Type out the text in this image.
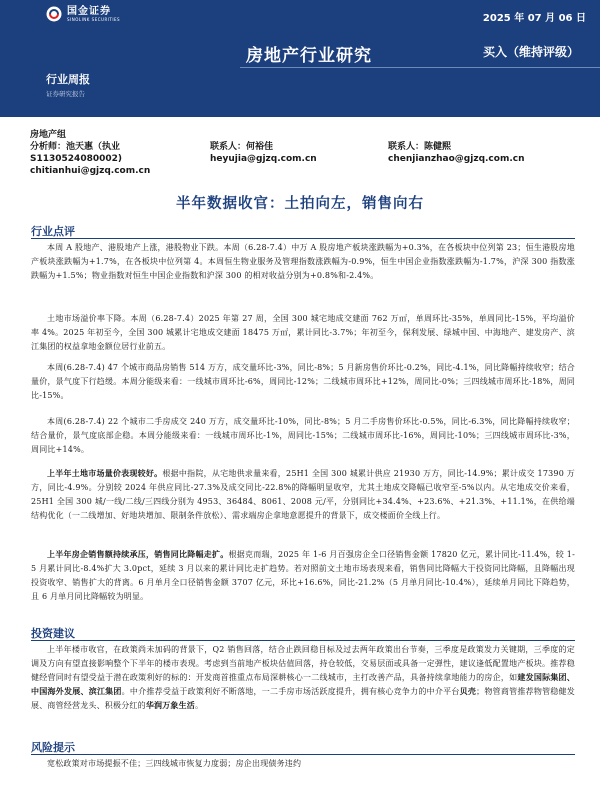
国金证券
SINOLINK SECURITIES	2025 年 07 月 06 日
房地产行业研究	买入（维持评级）
行业周报
证券研究报告
房地产组
分析师：池天惠（执业
S1130524080002)
chitianhui@gjzq.com.cn
联系人：何裕佳
heyujia@gjzq.com.cn
联系人：陈健熙
chenjianzhao@gjzq.com.cn
半年数据收官：土拍向左，销售向右
行业点评

本周 A 股地产、港股地产上涨，港股物业下跌。本周（6.28-7.4）中万 A 股房地产板块涨跌幅为+0.3%，在各板块中位列第 23；恒生港股房地产板块涨跌幅为+1.7%，在各板块中位列第 4。本周恒生物业服务及管理指数涨跌幅为-0.9%，恒生中国企业指数涨跌幅为-1.7%，沪深 300 指数涨跌幅为+1.5%；物业指数对恒生中国企业指数和沪深 300 的相对收益分别为+0.8%和-2.4%。

土地市场溢价率下降。本周（6.28-7.4）2025 年第 27 周，全国 300 城宅地成交建面 762 万㎡，单周环比-35%，单周同比-15%，平均溢价率 4%。2025 年初至今，全国 300 城累计宅地成交建面 18475 万㎡，累计同比-3.7%；年初至今，保利发展、绿城中国、中海地产、建发房产、滨江集团的权益拿地金额位居行业前五。

本周(6.28-7.4) 47 个城市商品房销售 514 万方，成交量环比-3%，同比-8%；5 月新房售价环比-0.2%，同比-4.1%，同比降幅持续收窄；结合量价，景气度下行趋缓。本周分能级来看：一线城市周环比-6%，周同比-12%；二线城市周环比+12%，周同比-0%；三四线城市周环比-18%，周同比-15%。

本周(6.28-7.4) 22 个城市二手房成交 240 万方，成交量环比-10%，同比-8%；5 月二手房售价环比-0.5%，同比-6.3%，同比降幅持续收窄；结合量价，景气度底部企稳。本周分能级来看：一线城市周环比-1%，周同比-15%；二线城市周环比-16%，周同比-10%；三四线城市周环比-3%，周同比+14%。

上半年土地市场量价表现较好。根据中指院，从宅地供求量来看，25H1 全国 300 城累计供应 21930 万方，同比-14.9%；累计成交 17390 万方，同比-4.9%。分别较 2024 年供应同比-27.3%及成交同比-22.8%的降幅明显收窄，尤其土地成交降幅已收窄至-5%以内。从宅地成交价来看，25H1 全国 300 城/一线/二线/三四线分别为 4953、36484、8061、2008 元/平，分别同比+34.4%、+23.6%、+21.3%、+11.1%，在供给端结构优化（一二线增加、好地块增加、限制条件放松）、需求端房企拿地意愿提升的背景下，成交楼面价全线上行。

上半年房企销售额持续承压，销售同比降幅走扩。根据克而瑞，2025 年 1-6 月百强房企全口径销售金额 17820 亿元，累计同比-11.4%，较 1-5 月累计同比-8.4%扩大 3.0pct，延续 3 月以来的累计同比走扩趋势。若对照前文土地市场表现来看，销售同比降幅大于投资同比降幅，且降幅出现投资收窄、销售扩大的背离。6 月单月全口径销售金额 3707 亿元，环比+16.6%，同比-21.2%（5 月单月同比-10.4%），延续单月同比下降趋势，且 6 月单月同比降幅较为明显。

投资建议

上半年楼市收官，在政策尚未加码的背景下，Q2 销售回落，结合止跌回稳目标及过去两年政策出台节奏，三季度是政策发力关键期，三季度的定调及方向有望直接影响整个下半年的楼市表现。考虑到当前地产板块估值回落，持仓较低，交易层面或具备一定弹性，建议逢低配置地产板块。推荐稳健经营同时有望受益于潜在政策利好的标的：开发商首推重点布局深耕核心一二线城市，主打改善产品，具备持续拿地能力的房企，如建发国际集团、中国海外发展、滨江集团。中介推荐受益于政策利好不断落地，一二手房市场活跃度提升，拥有核心竞争力的中介平台贝壳；物管商管推荐物管稳健发展、商管经营龙头、积极分红的华润万象生活。

风险提示

宽松政策对市场提振不佳；三四线城市恢复力度弱；房企出现债务违约
